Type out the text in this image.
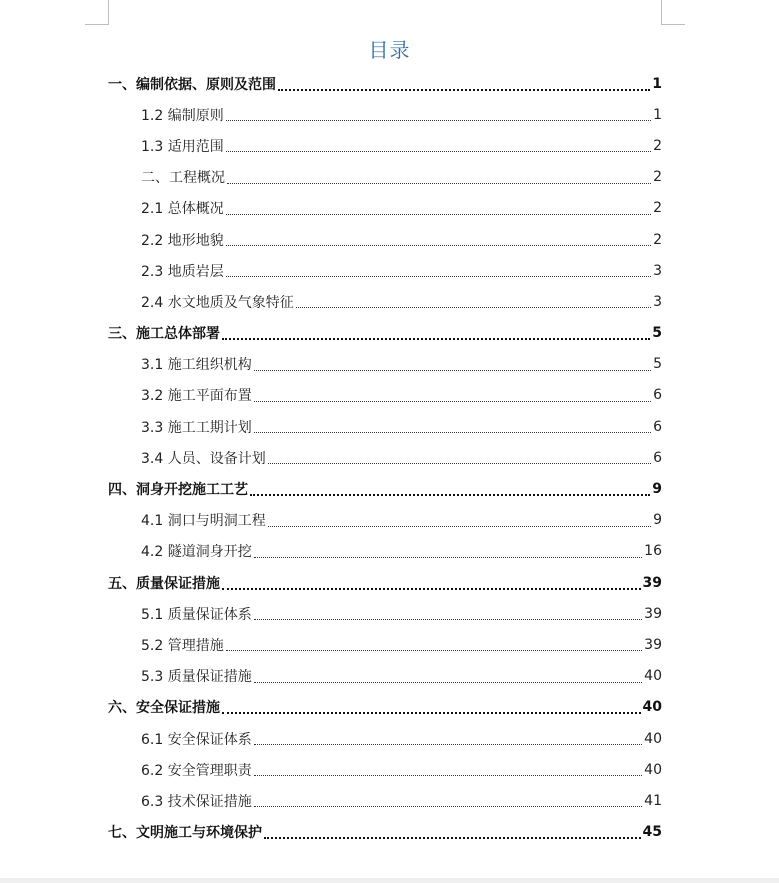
目录
一、编制依据、原则及范围	1
1.2 编制原则	1
1.3 适用范围	2
二、工程概况	2
2.1 总体概况	2
2.2 地形地貌	2
2.3 地质岩层	3
2.4 水文地质及气象特征	3
三、施工总体部署	5
3.1 施工组织机构	5
3.2 施工平面布置	6
3.3 施工工期计划	6
3.4 人员、设备计划	6
四、洞身开挖施工工艺	9
4.1 洞口与明洞工程	9
4.2 隧道洞身开挖	16
五、质量保证措施	39
5.1 质量保证体系	39
5.2 管理措施	39
5.3 质量保证措施	40
六、安全保证措施	40
6.1 安全保证体系	40
6.2 安全管理职责	40
6.3 技术保证措施	41
七、文明施工与环境保护	45
